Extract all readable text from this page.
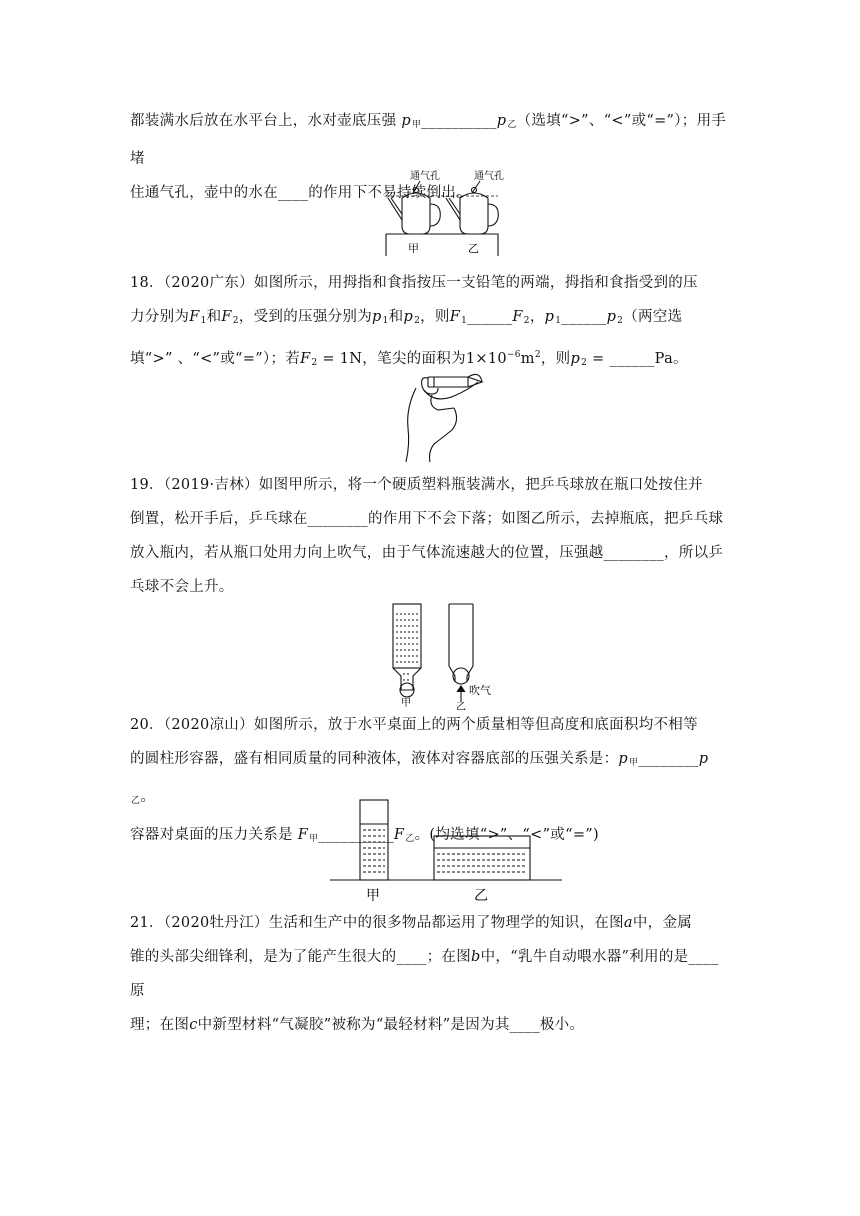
都装满水后放在水平台上，水对壶底压强 $p_甲\_\_\_\_\_\_\_\_\_\_p_乙$（选填“>”、“<”或“=”）；用手堵
住通气孔，壶中的水在____的作用下不易持续倒出。
通气孔	通气孔
甲	乙
18．（2020广东）如图所示，用拇指和食指按压一支铅笔的两端，拇指和食指受到的压
力分别为$F_1$和$F_2$，受到的压强分别为$p_1$和$p_2$，则$F_1\_\_\_\_\_\_F_2$，$p_1\_\_\_\_\_\_p_2$（两空选
填“>” 、“<”或“=”）；若$F_2 = 1N$，笔尖的面积为$1\times 10^{-6}m^2$，则$p_2$ = ______Pa。
19．（2019·吉林）如图甲所示，将一个硬质塑料瓶装满水，把乒乓球放在瓶口处按住并
倒置，松开手后，乒乓球在________的作用下不会下落；如图乙所示，去掉瓶底，把乒乓球
放入瓶内，若从瓶口处用力向上吹气，由于气体流速越大的位置，压强越________，所以乒
乓球不会上升。
甲	乙
吹气
20．（2020凉山）如图所示，放于水平桌面上的两个质量相等但高度和底面积均不相等
的圆柱形容器，盛有相同质量的同种液体，液体对容器底部的压强关系是：$p_甲\_\_\_\_\_\_\_\_p_乙$。
容器对桌面的压力关系是 $F_甲\_\_\_\_\_\_\_\_\_\_F_乙$。(均选填“>”、“<”或“=”)
甲	乙
21．（2020牡丹江）生活和生产中的很多物品都运用了物理学的知识，在图a中，金属
锥的头部尖细锋利，是为了能产生很大的____；在图b中，“乳牛自动喂水器”利用的是____原
理；在图c中新型材料“气凝胶”被称为“最轻材料”是因为其____极小。
